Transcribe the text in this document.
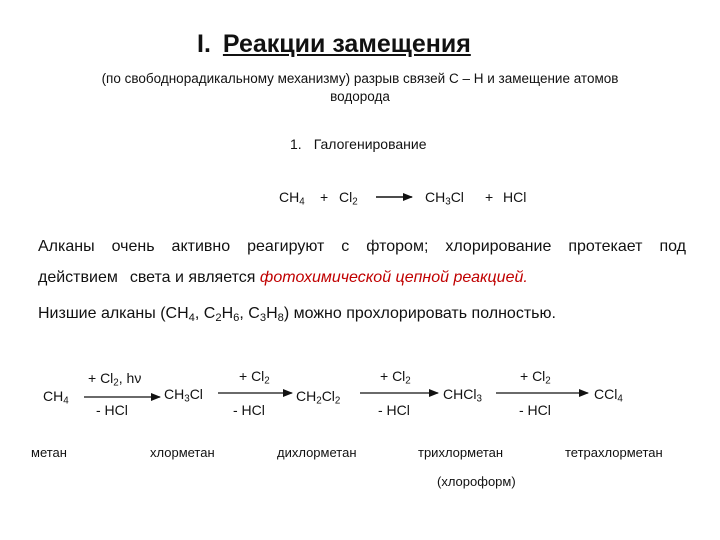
I. Реакции замещения
(по свободнорадикальному механизму) разрыв связей С – Н и замещение атомов
водорода
1. Галогенирование
$CH_4 + Cl_2$	$CH_3Cl$ + HCl
Алканы очень активно реагируют с фтором; хлорирование протекает под
действием света и является фотохимической цепной реакцией.
Низшие алканы ($СН_4$, $С_2Н_6$, $С_3Н_8$) можно прохлорировать полностью.
$CH_4$	$CH_3Cl$	$CH_2Cl_2$	CHCl$_3$	CCl$_4$
+ $Cl_2$, hν	+ $Cl_2$	+ $Cl_2$	+ $Cl_2$
- HCl	- HCl	- HCl	- HCl
метан	хлорметан	дихлорметан	трихлорметан	тетрахлорметан
(хлороформ)
